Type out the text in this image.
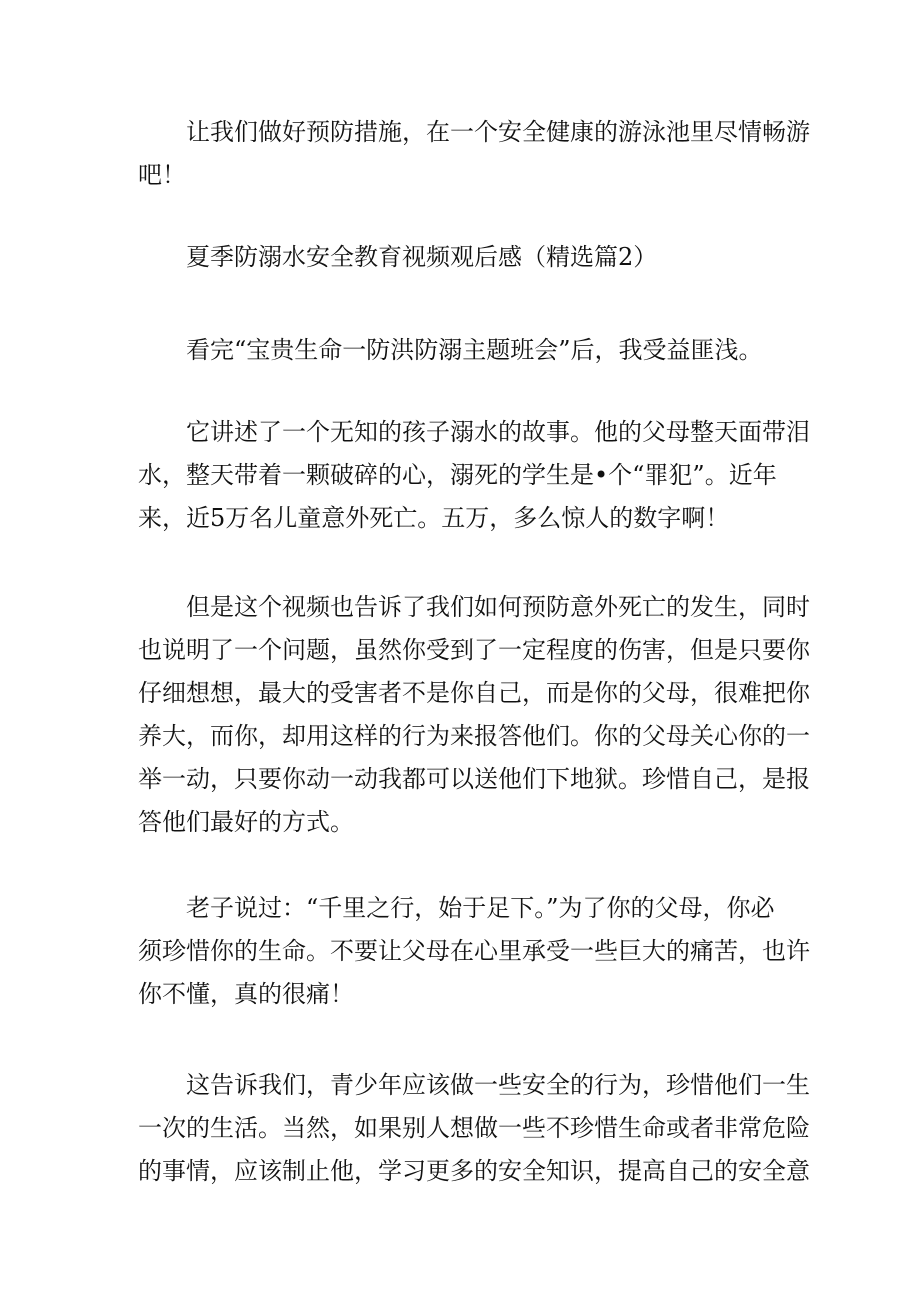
让我们做好预防措施，在一个安全健康的游泳池里尽情畅游
吧！
夏季防溺水安全教育视频观后感（精选篇2）
看完“宝贵生命一防洪防溺主题班会”后，我受益匪浅。
它讲述了一个无知的孩子溺水的故事。他的父母整天面带泪
水，整天带着一颗破碎的心，溺死的学生是•个“罪犯”。近年
来，近5万名儿童意外死亡。五万，多么惊人的数字啊！
但是这个视频也告诉了我们如何预防意外死亡的发生，同时
也说明了一个问题，虽然你受到了一定程度的伤害，但是只要你
仔细想想，最大的受害者不是你自己，而是你的父母，很难把你
养大，而你，却用这样的行为来报答他们。你的父母关心你的一
举一动，只要你动一动我都可以送他们下地狱。珍惜自己，是报
答他们最好的方式。
老子说过：“千里之行，始于足下。”为了你的父母，你必
须珍惜你的生命。不要让父母在心里承受一些巨大的痛苦，也许
你不懂，真的很痛！
这告诉我们，青少年应该做一些安全的行为，珍惜他们一生
一次的生活。当然，如果别人想做一些不珍惜生命或者非常危险
的事情，应该制止他，学习更多的安全知识，提高自己的安全意
